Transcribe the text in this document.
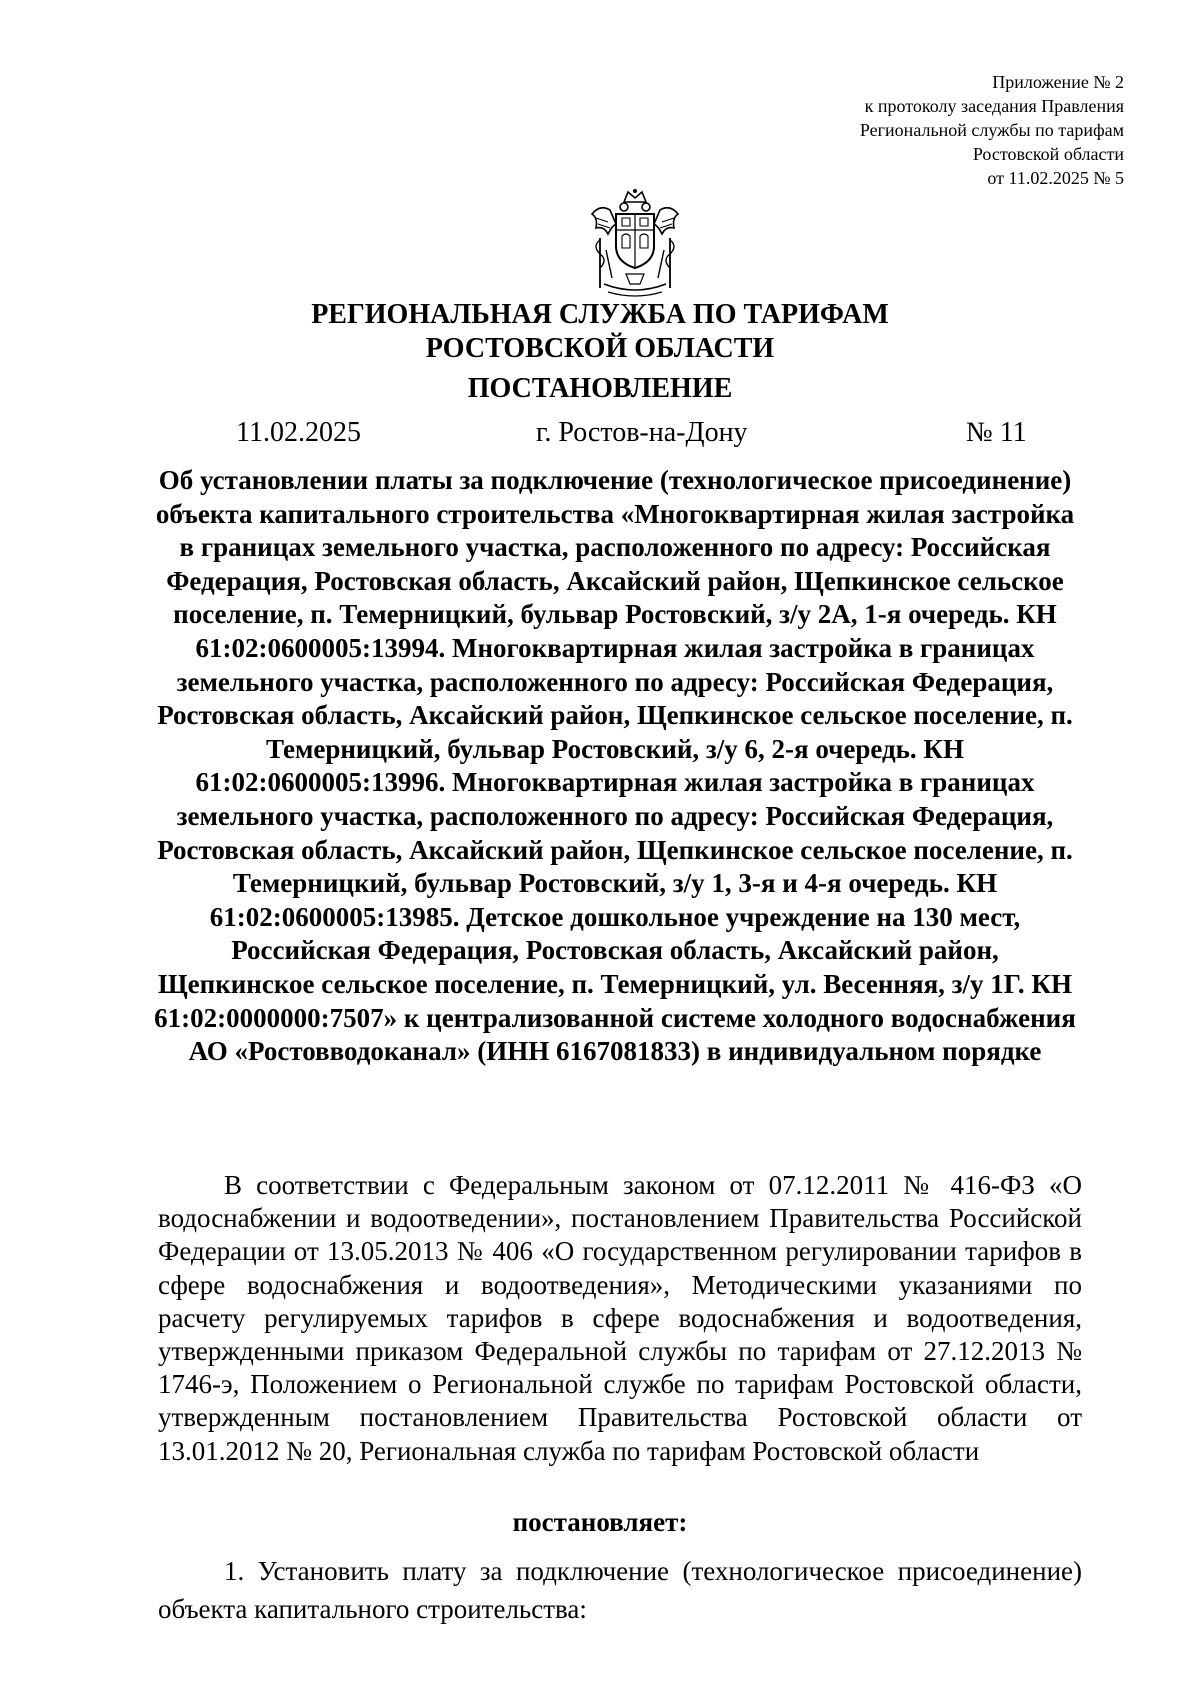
Приложение № 2
к протоколу заседания Правления
Региональной службы по тарифам
Ростовской области
от 11.02.2025 № 5
РЕГИОНАЛЬНАЯ СЛУЖБА ПО ТАРИФАМ
РОСТОВСКОЙ ОБЛАСТИ
ПОСТАНОВЛЕНИЕ
11.02.2025	г. Ростов-на-Дону	№ 11
Об установлении платы за подключение (технологическое присоединение) объекта капитального строительства «Многоквартирная жилая застройка в границах земельного участка, расположенного по адресу: Российская Федерация, Ростовская область, Аксайский район, Щепкинское сельское поселение, п. Темерницкий, бульвар Ростовский, з/у 2А, 1-я очередь. КН 61:02:0600005:13994. Многоквартирная жилая застройка в границах земельного участка, расположенного по адресу: Российская Федерация, Ростовская область, Аксайский район, Щепкинское сельское поселение, п. Темерницкий, бульвар Ростовский, з/у 6, 2-я очередь. КН 61:02:0600005:13996. Многоквартирная жилая застройка в границах земельного участка, расположенного по адресу: Российская Федерация, Ростовская область, Аксайский район, Щепкинское сельское поселение, п. Темерницкий, бульвар Ростовский, з/у 1, 3-я и 4-я очередь. КН 61:02:0600005:13985. Детское дошкольное учреждение на 130 мест, Российская Федерация, Ростовская область, Аксайский район, Щепкинское сельское поселение, п. Темерницкий, ул. Весенняя, з/у 1Г. КН 61:02:0000000:7507» к централизованной системе холодного водоснабжения АО «Ростовводоканал» (ИНН 6167081833) в индивидуальном порядке

В соответствии с Федеральным законом от 07.12.2011 № 416-ФЗ «О водоснабжении и водоотведении», постановлением Правительства Российской Федерации от 13.05.2013 № 406 «О государственном регулировании тарифов в сфере водоснабжения и водоотведения», Методическими указаниями по расчету регулируемых тарифов в сфере водоснабжения и водоотведения, утвержденными приказом Федеральной службы по тарифам от 27.12.2013 № 1746-э, Положением о Региональной службе по тарифам Ростовской области, утвержденным постановлением Правительства Ростовской области от 13.01.2012 № 20, Региональная служба по тарифам Ростовской области

постановляет:

1. Установить плату за подключение (технологическое присоединение) объекта капитального строительства:
